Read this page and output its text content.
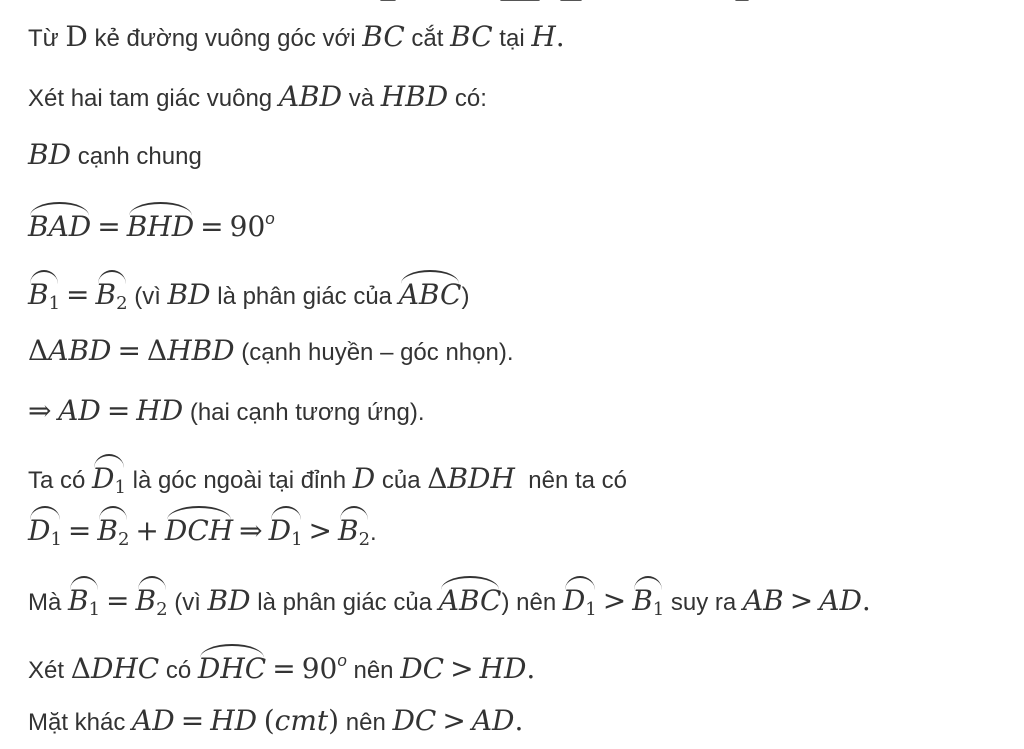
Từ D kẻ đường vuông góc với BC cắt BC tại H.
Xét hai tam giác vuông ABD và HBD có:
BD cạnh chung
BAD = BHD = $90^o$
$B_1 = B_2$ (vì BD là phân giác của ABC)
ΔABD = ΔHBD (cạnh huyền – góc nhọn).
⇒ AD = HD (hai cạnh tương ứng).
Ta có $D_1$ là góc ngoài tại đỉnh D của ΔBDH  nên ta có
$D_1 = B_2$ + DCH ⇒ $D_1 > B_2$.
Mà $B_1 = B_2$ (vì BD là phân giác của ABC) nên $D_1 > B_1$ suy ra AB > AD.
Xét ΔDHC có DHC = $90^o$ nên DC > HD.
Mặt khác AD = HD (cmt) nên DC > AD.
